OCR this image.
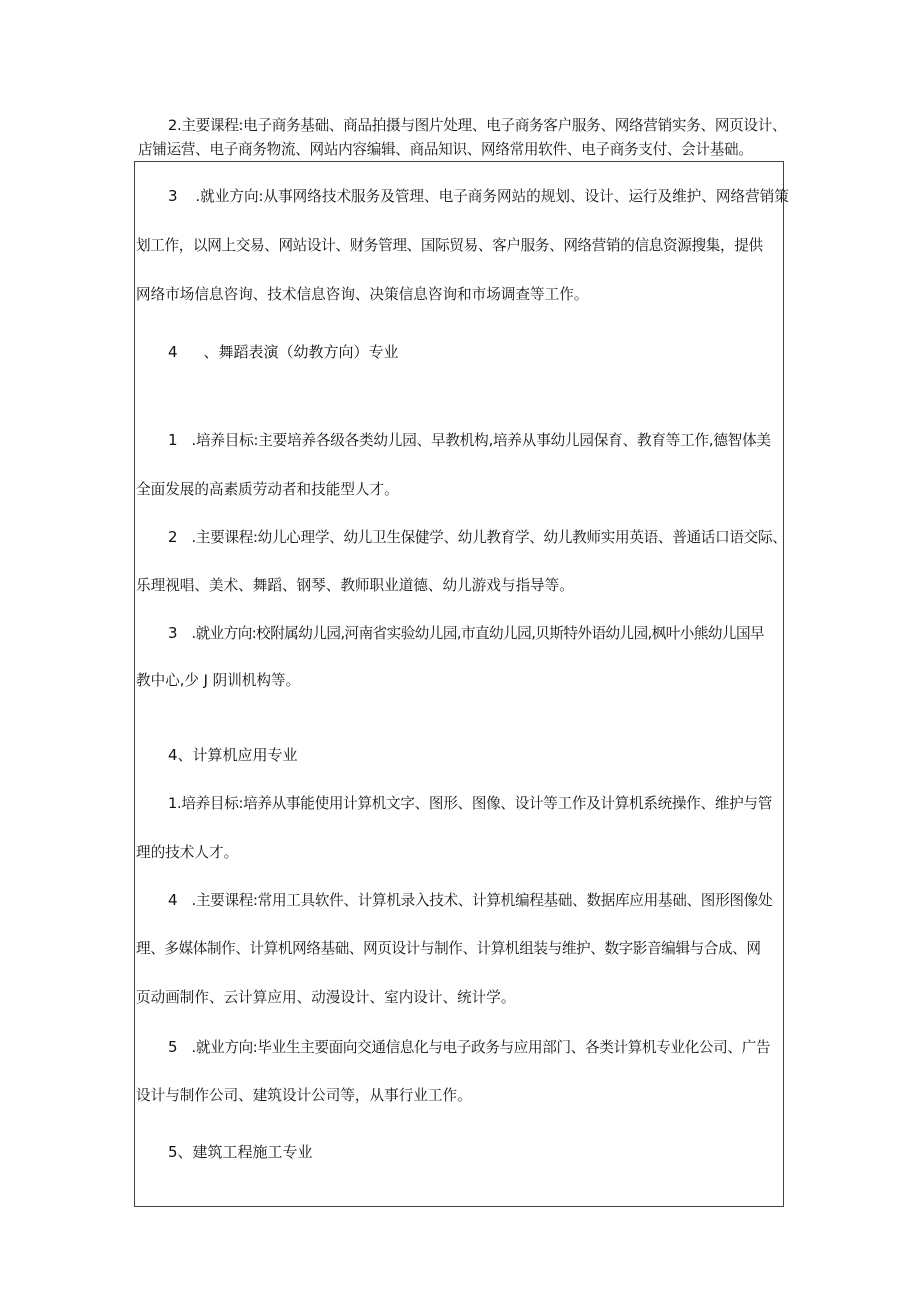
2.主要课程:电子商务基础、商品拍摄与图片处理、电子商务客户服务、网络营销实务、网页设计、
店铺运营、电子商务物流、网站内容编辑、商品知识、网络常用软件、电子商务支付、会计基础。
3 .就业方向:从事网络技术服务及管理、电子商务网站的规划、设计、运行及维护、网络营销策
划工作，以网上交易、网站设计、财务管理、国际贸易、客户服务、网络营销的信息资源搜集，提供
网络市场信息咨询、技术信息咨询、决策信息咨询和市场调查等工作。
4 、舞蹈表演（幼教方向）专业
1 .培养目标:主要培养各级各类幼儿园、早教机构,培养从事幼儿园保育、教育等工作,德智体美
全面发展的高素质劳动者和技能型人才。
2 .主要课程:幼儿心理学、幼儿卫生保健学、幼儿教育学、幼儿教师实用英语、普通话口语交际、
乐理视唱、美术、舞蹈、钢琴、教师职业道德、幼儿游戏与指导等。
3 .就业方向:校附属幼儿园,河南省实验幼儿园,市直幼儿园,贝斯特外语幼儿园,枫叶小熊幼儿国早
教中心,少 J 阴训机构等。
4、计算机应用专业
1.培养目标:培养从事能使用计算机文字、图形、图像、设计等工作及计算机系统操作、维护与管
理的技术人才。
4 .主要课程:常用工具软件、计算机录入技术、计算机编程基础、数据库应用基础、图形图像处
理、多媒体制作、计算机网络基础、网页设计与制作、计算机组装与维护、数字影音编辑与合成、网
页动画制作、云计算应用、动漫设计、室内设计、统计学。
5 .就业方向:毕业生主要面向交通信息化与电子政务与应用部门、各类计算机专业化公司、广告
设计与制作公司、建筑设计公司等，从事行业工作。
5、建筑工程施工专业
